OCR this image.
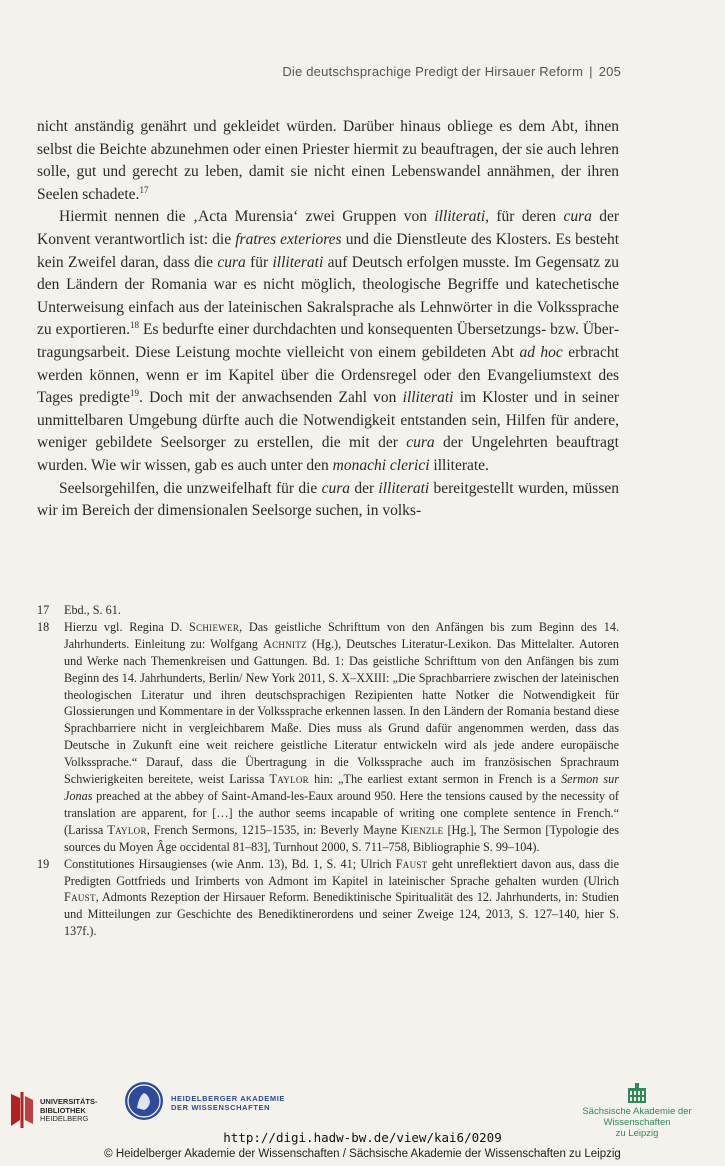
Die deutschsprachige Predigt der Hirsauer Reform | 205

nicht anständig genährt und gekleidet würden. Darüber hinaus obliege es dem Abt, ihnen selbst die Beichte abzunehmen oder einen Priester hiermit zu beauftragen, der sie auch lehren solle, gut und gerecht zu leben, damit sie nicht einen Lebenswandel annähmen, der ihren Seelen schadete.$^{17}$

Hiermit nennen die ‚Acta Murensia‘ zwei Gruppen von illiterati, für deren cura der Konvent verantwortlich ist: die fratres exteriores und die Dienstleute des Klosters. Es besteht kein Zweifel daran, dass die cura für illiterati auf Deutsch erfolgen musste. Im Gegensatz zu den Ländern der Romania war es nicht möglich, theologische Begriffe und katechetische Unterweisung einfach aus der lateinischen Sakralsprache als Lehnwörter in die Volkssprache zu exportieren.$^{18}$ Es bedurfte einer durchdachten und konsequenten Übersetzungs- bzw. Übertragungsarbeit. Diese Leistung mochte vielleicht von einem gebildeten Abt ad hoc erbracht werden können, wenn er im Kapitel über die Ordensregel oder den Evangeliumstext des Tages predigte$^{19}$. Doch mit der anwachsenden Zahl von illiterati im Kloster und in seiner unmittelbaren Umgebung dürfte auch die Notwendigkeit entstanden sein, Hilfen für andere, weniger gebildete Seelsorger zu erstellen, die mit der cura der Ungelehrten beauftragt wurden. Wie wir wissen, gab es auch unter den monachi clerici illiterate.

Seelsorgehilfen, die unzweifelhaft für die cura der illiterati bereitgestellt wurden, müssen wir im Bereich der dimensionalen Seelsorge suchen, in volks-

17	Ebd., S. 61.
18	Hierzu vgl. Regina D. Schiewer, Das geistliche Schrifttum von den Anfängen bis zum Beginn des 14. Jahrhunderts. Einleitung zu: Wolfgang Achnitz (Hg.), Deutsches Literatur-Lexikon. Das Mittelalter. Autoren und Werke nach Themenkreisen und Gattungen. Bd. 1: Das geistliche Schrifttum von den Anfängen bis zum Beginn des 14. Jahrhunderts, Berlin/ New York 2011, S. X–XXIII: „Die Sprachbarriere zwischen der lateinischen theologischen Literatur und ihren deutschsprachigen Rezipienten hatte Notker die Notwendigkeit für Glossierungen und Kommentare in der Volkssprache erkennen lassen. In den Ländern der Romania bestand diese Sprachbarriere nicht in vergleichbarem Maße. Dies muss als Grund dafür angenommen werden, dass das Deutsche in Zukunft eine weit reichere geistliche Literatur entwickeln wird als jede andere europäische Volkssprache.“ Darauf, dass die Übertragung in die Volkssprache auch im französischen Sprachraum Schwierigkeiten bereitete, weist Larissa Taylor hin: „The earliest extant sermon in French is a Sermon sur Jonas preached at the abbey of Saint-Amand-les-Eaux around 950. Here the tensions caused by the necessity of translation are apparent, for […] the author seems incapable of writing one complete sentence in French.“ (Larissa Taylor, French Sermons, 1215–1535, in: Beverly Mayne Kienzle [Hg.], The Sermon [Typologie des sources du Moyen Âge occidental 81–83], Turnhout 2000, S. 711–758, Bibliographie S. 99–104).
19	Constitutiones Hirsaugienses (wie Anm. 13), Bd. 1, S. 41; Ulrich Faust geht unreflektiert davon aus, dass die Predigten Gottfrieds und Irimberts von Admont im Kapitel in lateinischer Sprache gehalten wurden (Ulrich Faust, Admonts Rezeption der Hirsauer Reform. Benediktinische Spiritualität des 12. Jahrhunderts, in: Studien und Mitteilungen zur Geschichte des Benediktinerordens und seiner Zweige 124, 2013, S. 127–140, hier S. 137f.).
UNIVERSITÄTS-
BIBLIOTHEK
HEIDELBERG
HEIDELBERGER AKADEMIE
DER WISSENSCHAFTEN	Sächsische Akademie der Wissenschaften
zu Leipzig
http://digi.hadw-bw.de/view/kai6/0209
© Heidelberger Akademie der Wissenschaften / Sächsische Akademie der Wissenschaften zu Leipzig
